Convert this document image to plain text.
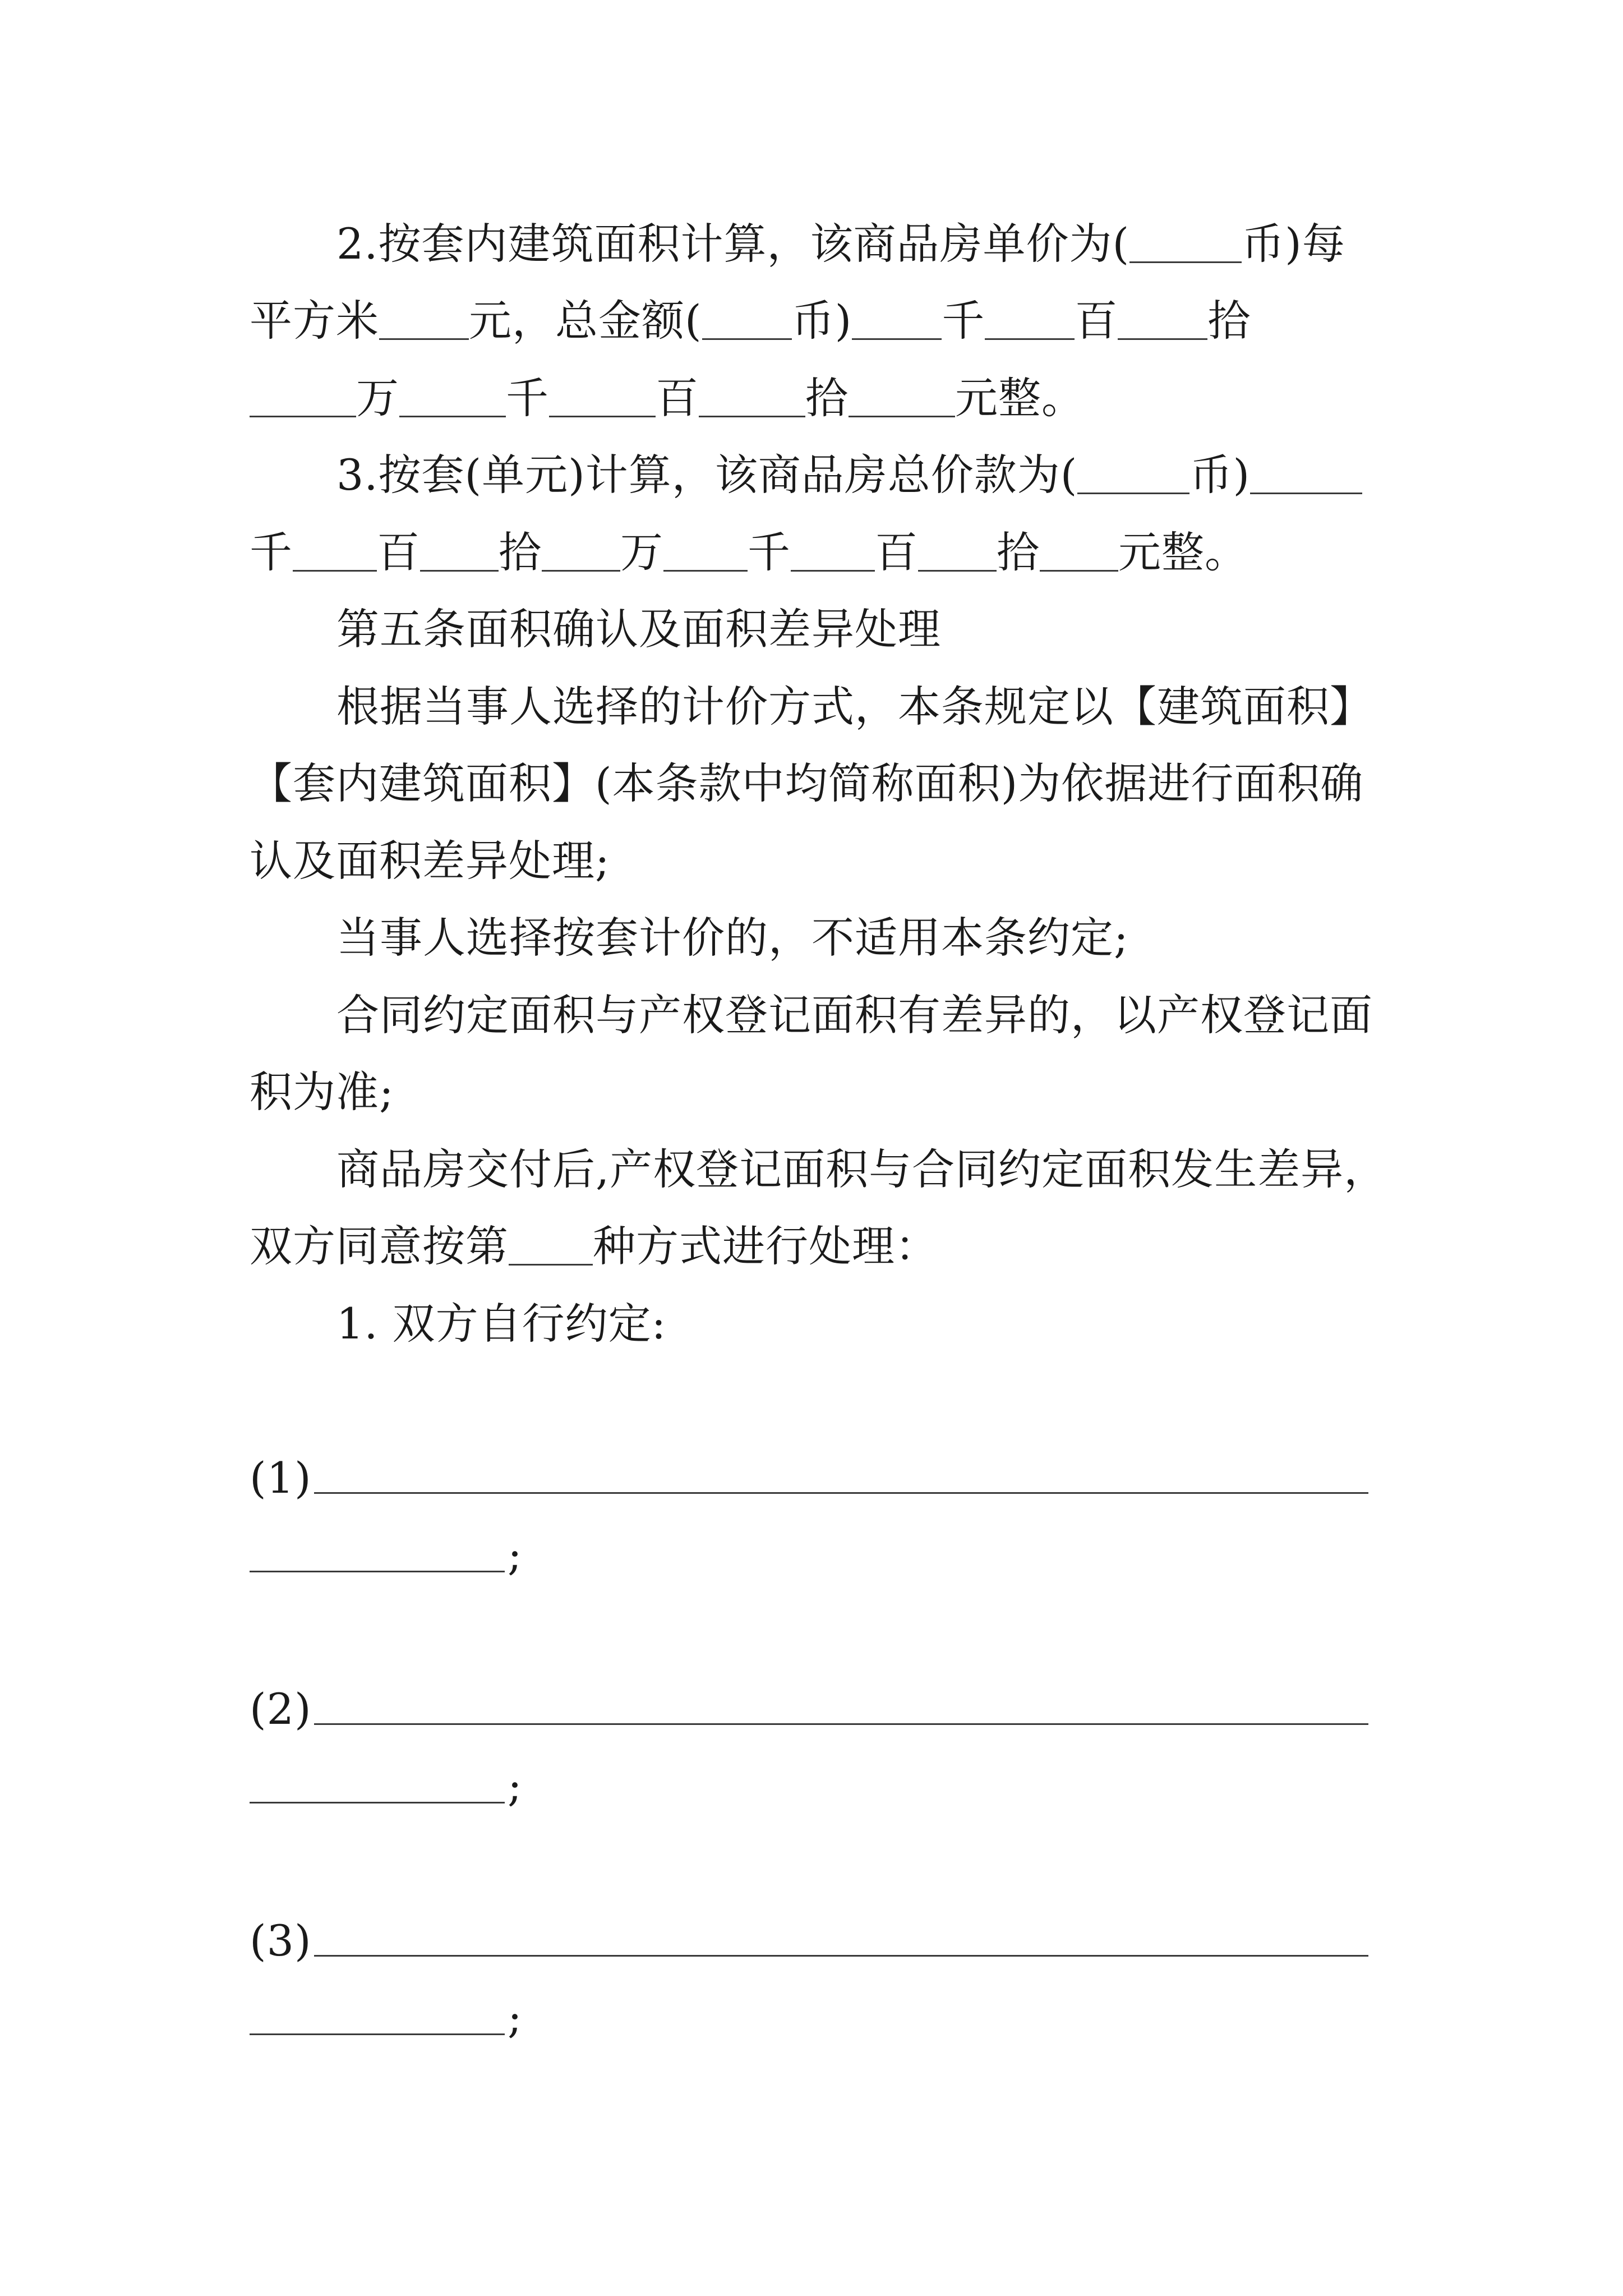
2.按套内建筑面积计算，该商品房单价为(	币)每
平方米 元，总金额( 币) 千 百 拾
万	千	百	拾	元整。
3.按套(单元)计算，该商品房总价款为(	币)
千 百 拾 万 千 百 拾 元整。
第五条面积确认及面积差异处理
根据当事人选择的计价方式，本条规定以【建筑面积】
【套内建筑面积】(本条款中均简称面积)为依据进行面积确
认及面积差异处理;
当事人选择按套计价的，不适用本条约定;
合同约定面积与产权登记面积有差异的，以产权登记面
积为准;
商品房交付后,产权登记面积与合同约定面积发生差异，
双方同意按第 种方式进行处理：
1. 双方自行约定:
(1)
;
(2)
;
(3)
;
